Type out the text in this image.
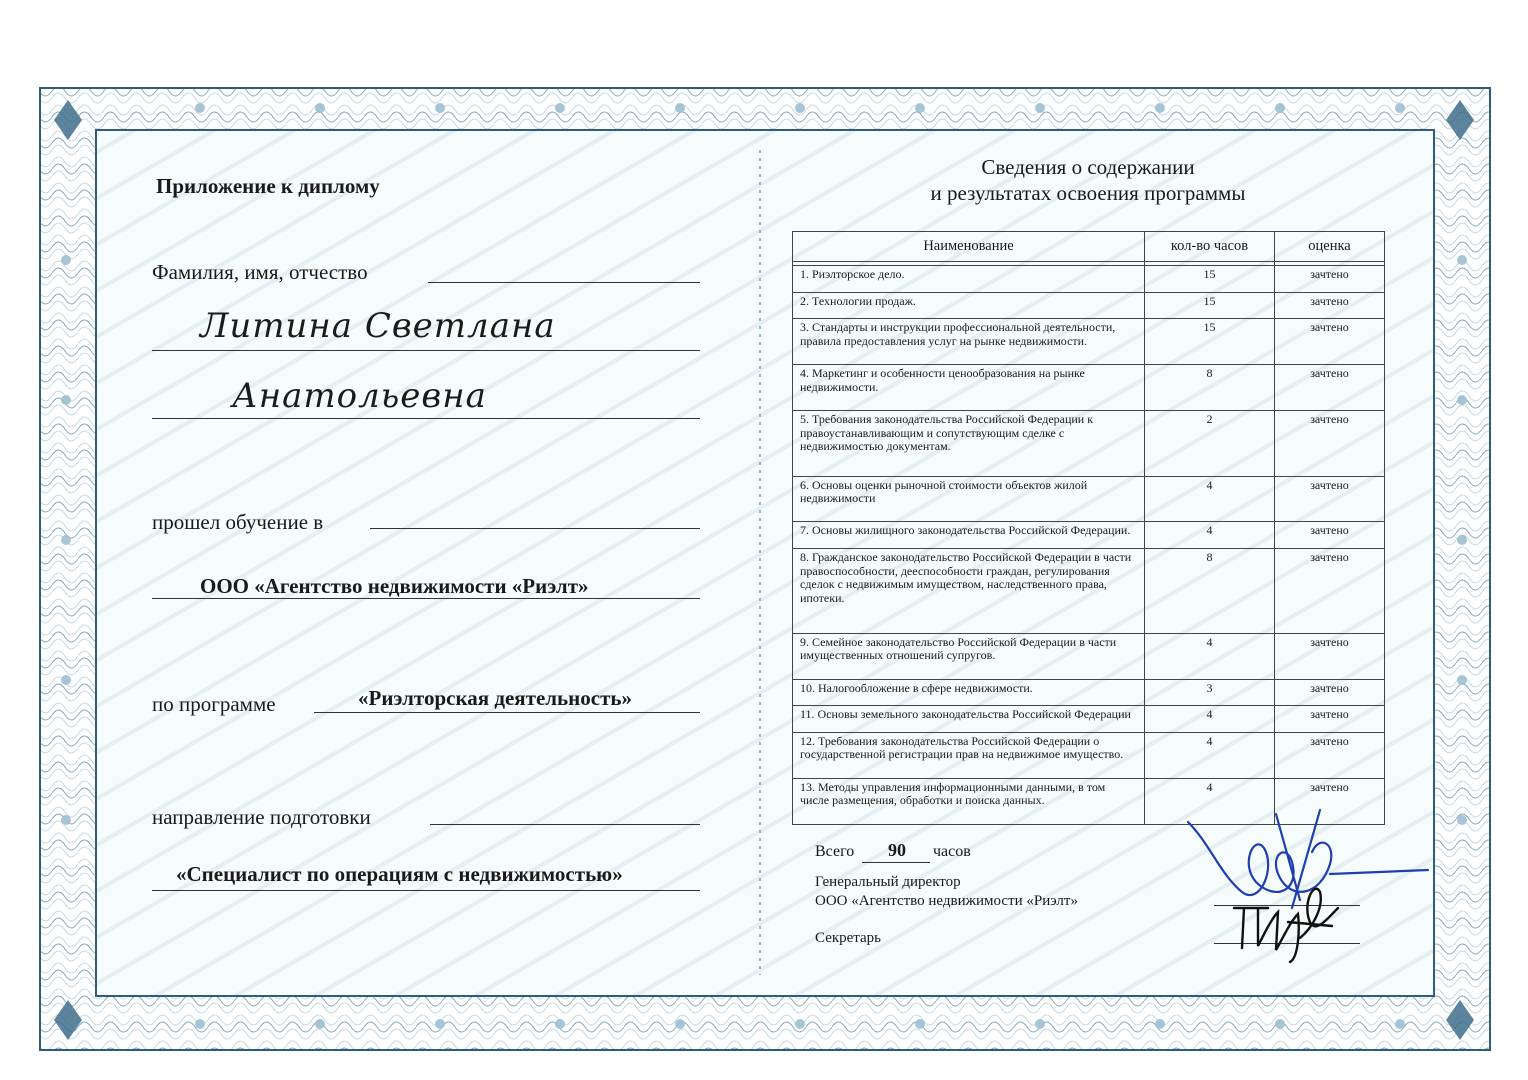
Приложение к диплому
Фамилия, имя, отчество
Литина Светлана
Анатольевна
прошел обучение в
ООО «Агентство недвижимости «Риэлт»
«Риэлторская деятельность»
по программе
направление подготовки
«Специалист по операциям с недвижимостью»
Сведения о содержании
и результатах освоения программы
Наименование	кол-во часов	оценка

1. Риэлторское дело.	15	зачтено
2. Технологии продаж.	15	зачтено
3. Стандарты и инструкции профессиональной деятельности, правила предоставления услуг на рынке недвижимости.	15	зачтено
4. Маркетинг и особенности ценообразования на рынке недвижимости.	8	зачтено
5. Требования законодательства Российской Федерации к правоустанавливающим и сопутствующим сделке с недвижимостью документам.	2	зачтено
6. Основы оценки рыночной стоимости объектов жилой недвижимости	4	зачтено
7. Основы жилищного законодательства Российской Федерации.	4	зачтено
8. Гражданское законодательство Российской Федерации в части правоспособности, дееспособности граждан, регулирования сделок с недвижимым имуществом, наследственного права, ипотеки.	8	зачтено
9. Семейное законодательство Российской Федерации в части имущественных отношений супругов.	4	зачтено
10. Налогообложение в сфере недвижимости.	3	зачтено
11. Основы земельного законодательства Российской Федерации	4	зачтено
12. Требования законодательства Российской Федерации о государственной регистрации прав на недвижимое имущество.	4	зачтено
13. Методы управления информационными данными, в том числе размещения, обработки и поиска данных.	4	зачтено
Всего	90	часов
Генеральный директор
ООО «Агентство недвижимости «Риэлт»
Секретарь
